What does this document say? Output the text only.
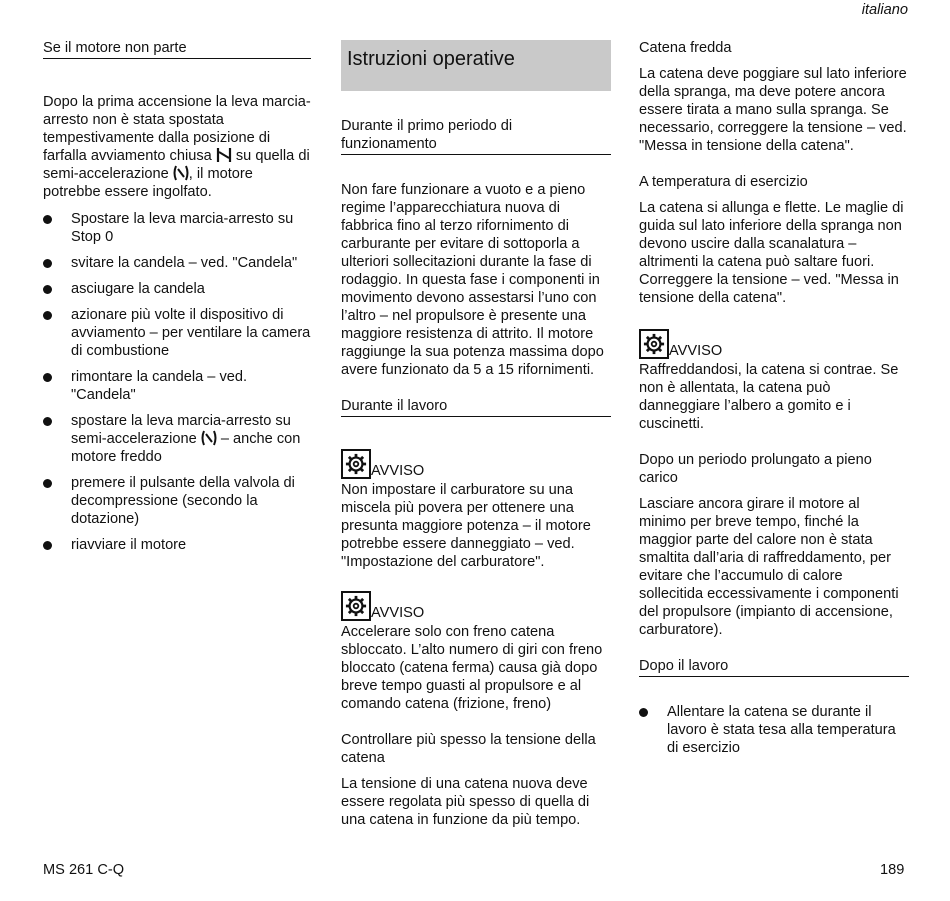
italiano
Se il motore non parte

Dopo la prima accensione la leva marcia-arresto non è stata spostata tempestivamente dalla posizione di farfalla avviamento chiusa su quella di semi-accelerazione , il motore potrebbe essere ingolfato.

Spostare la leva marcia-arresto su Stop 0
svitare la candela – ved. "Candela"
asciugare la candela
azionare più volte il dispositivo di avviamento – per ventilare la camera di combustione
rimontare la candela – ved. "Candela"
spostare la leva marcia-arresto su semi-accelerazione – anche con motore freddo
premere il pulsante della valvola di decompressione (secondo la dotazione)
riavviare il motore
Istruzioni operative
Durante il primo periodo di funzionamento

Non fare funzionare a vuoto e a pieno regime l’apparecchiatura nuova di fabbrica fino al terzo rifornimento di carburante per evitare di sottoporla a ulteriori sollecitazioni durante la fase di rodaggio. In questa fase i componenti in movimento devono assestarsi l’uno con l’altro – nel propulsore è presente una maggiore resistenza di attrito. Il motore raggiunge la sua potenza massima dopo avere funzionato da 5 a 15 rifornimenti.

Durante il lavoro
AVVISO

Non impostare il carburatore su una miscela più povera per ottenere una presunta maggiore potenza – il motore potrebbe essere danneggiato – ved. "Impostazione del carburatore".

AVVISO

Accelerare solo con freno catena sbloccato. L’alto numero di giri con freno bloccato (catena ferma) causa già dopo breve tempo guasti al propulsore e al comando catena (frizione, freno)

Controllare più spesso la tensione della catena

La tensione di una catena nuova deve essere regolata più spesso di quella di una catena in funzione da più tempo.

Catena fredda

La catena deve poggiare sul lato inferiore della spranga, ma deve potere ancora essere tirata a mano sulla spranga. Se necessario, correggere la tensione – ved. "Messa in tensione della catena".

A temperatura di esercizio

La catena si allunga e flette. Le maglie di guida sul lato inferiore della spranga non devono uscire dalla scanalatura – altrimenti la catena può saltare fuori. Correggere la tensione – ved. "Messa in tensione della catena".

AVVISO

Raffreddandosi, la catena si contrae. Se non è allentata, la catena può danneggiare l’albero a gomito e i cuscinetti.

Dopo un periodo prolungato a pieno carico

Lasciare ancora girare il motore al minimo per breve tempo, finché la maggior parte del calore non è stata smaltita dall’aria di raffreddamento, per evitare che l’accumulo di calore sollecitida eccessivamente i componenti del propulsore (impianto di accensione, carburatore).

Dopo il lavoro
Allentare la catena se durante il lavoro è stata tesa alla temperatura di esercizio
MS 261 C-Q	189
